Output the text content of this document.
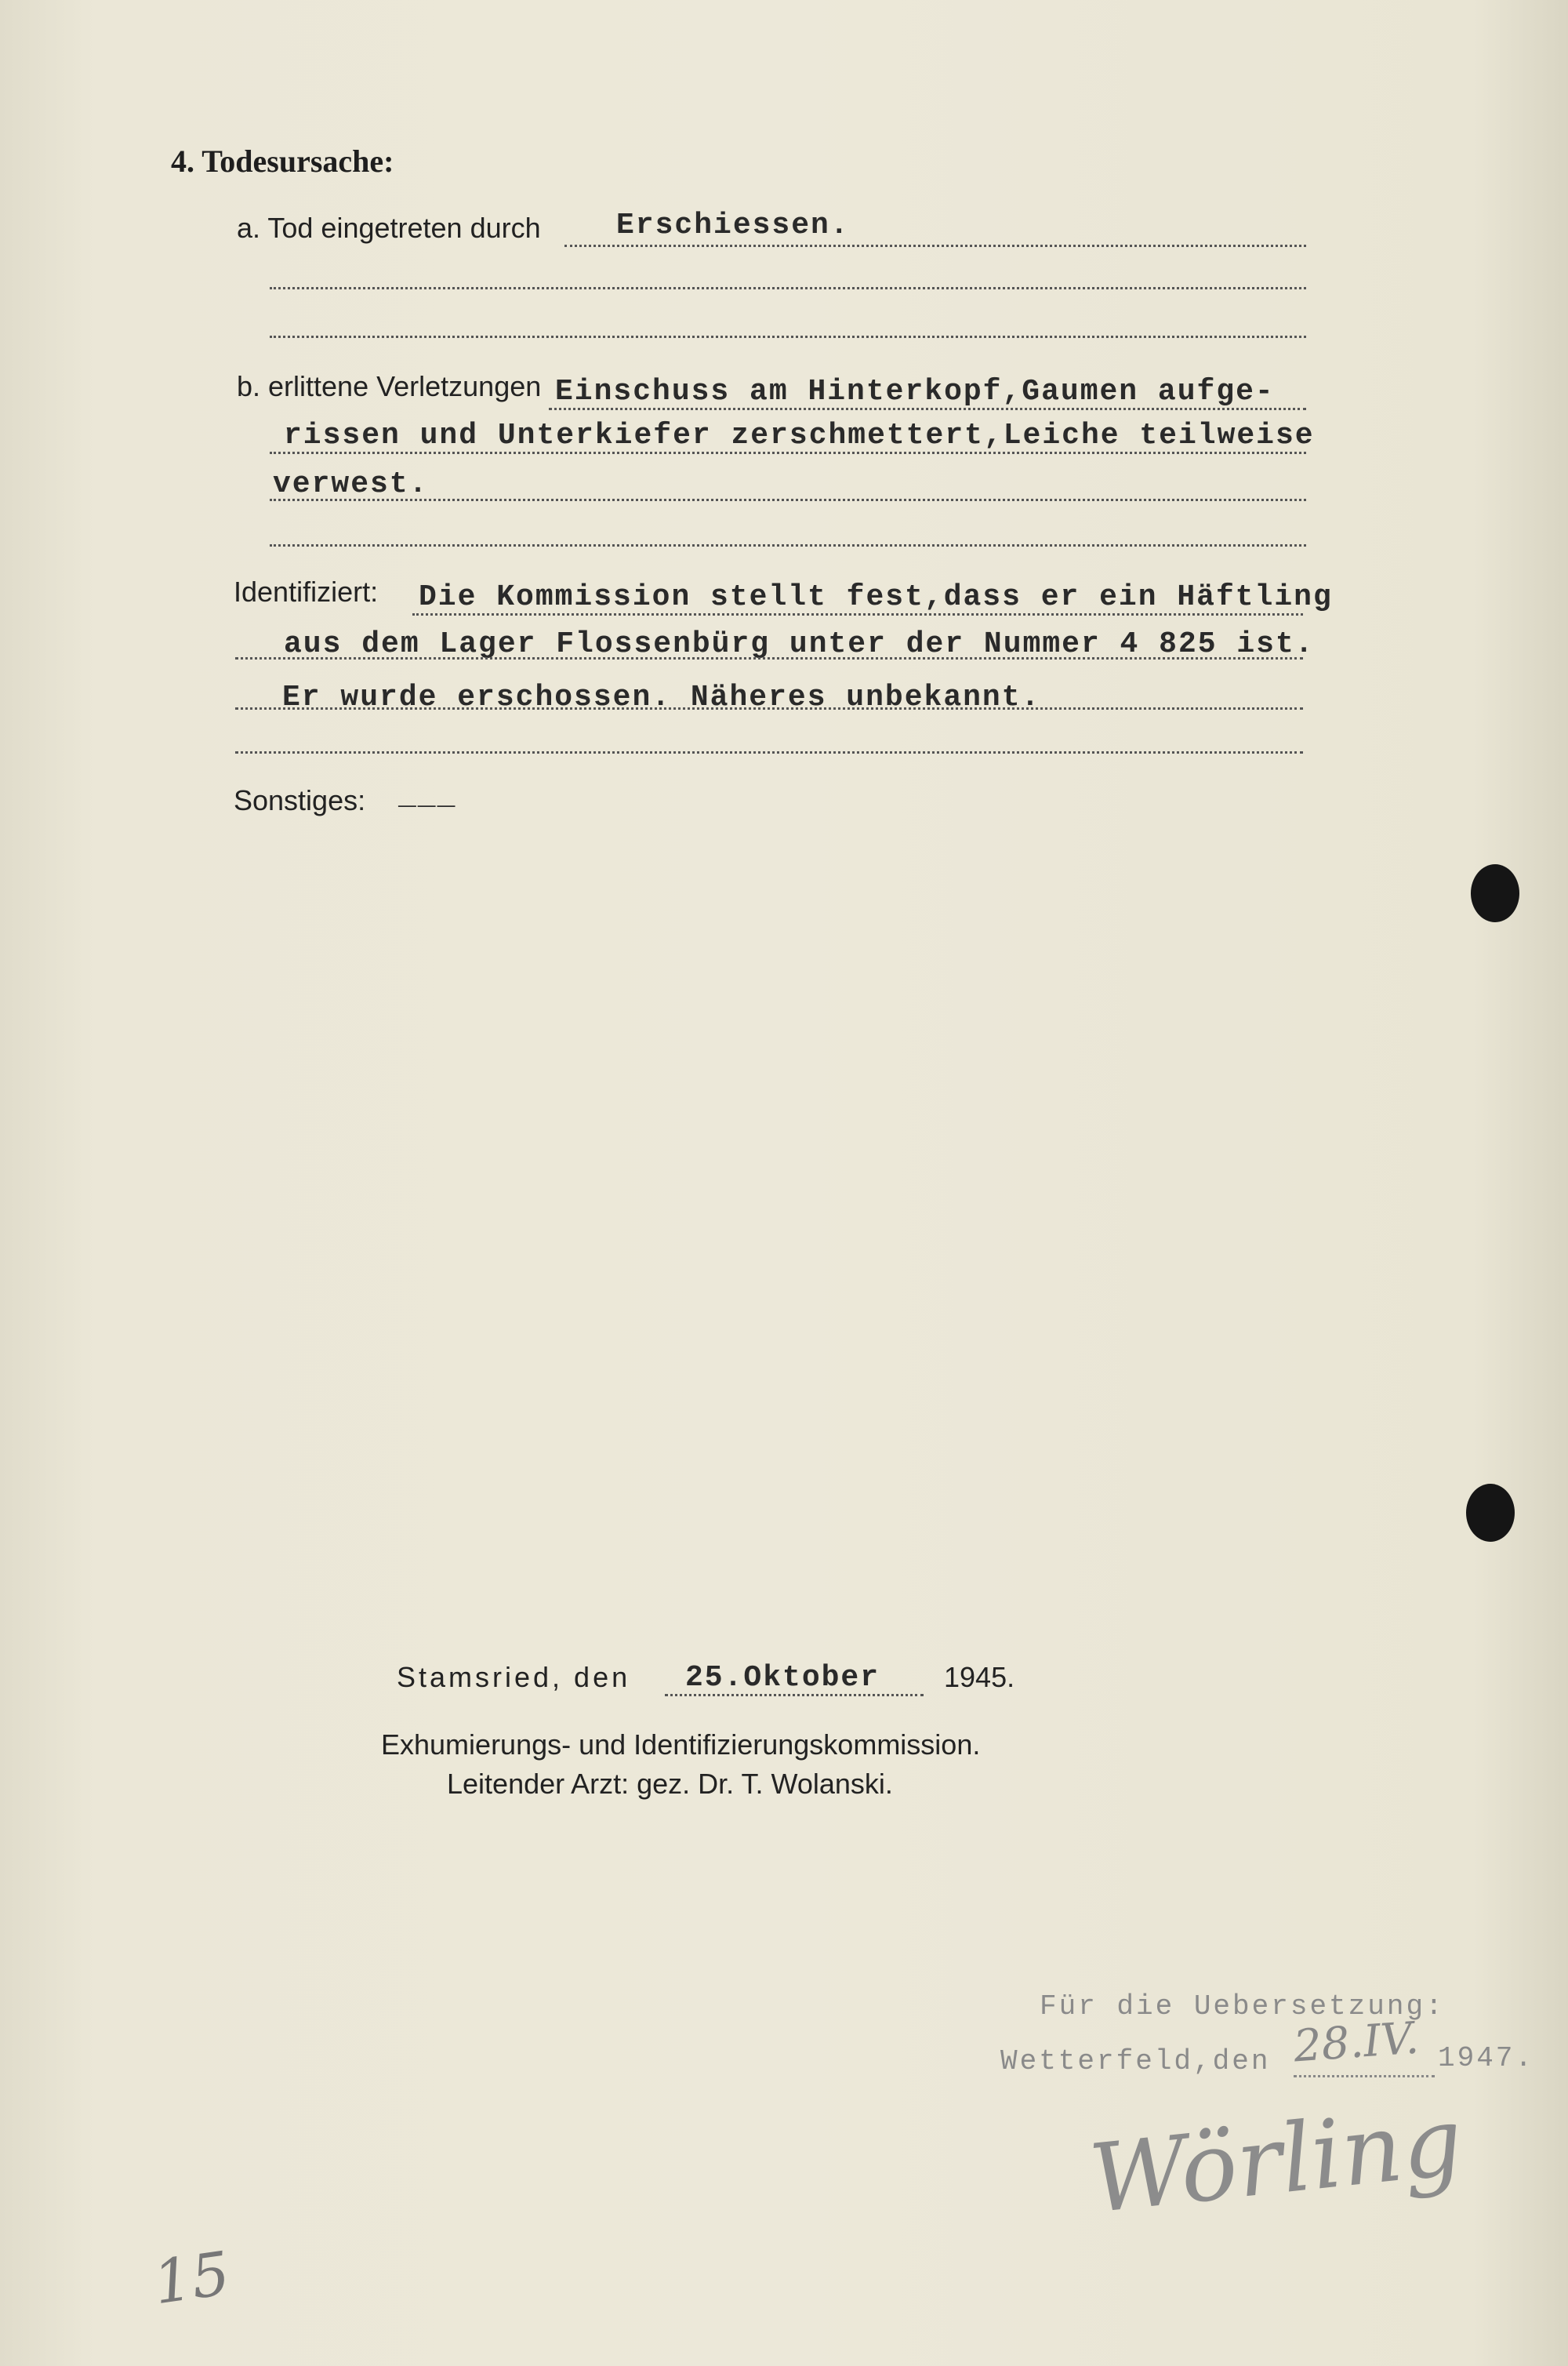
4. Todesursache:
a. Tod eingetreten durch	Erschiessen.
b. erlittene Verletzungen Einschuss am Hinterkopf,Gaumen aufge-
rissen und Unterkiefer zerschmettert,Leiche teilweise
verwest.
Identifiziert: Die Kommission stellt fest,dass er ein Häftling
aus dem Lager Flossenbürg unter der Nummer 4 825 ist.
Er wurde erschossen. Näheres unbekannt.
Sonstiges: ___
Stamsried, den 25.Oktober 1945.
Exhumierungs- und Identifizierungskommission.
Leitender Arzt: gez. Dr. T. Wolanski.
Für die Uebersetzung:
Wetterfeld,den 28.IV. 1947.
Wörling
15
